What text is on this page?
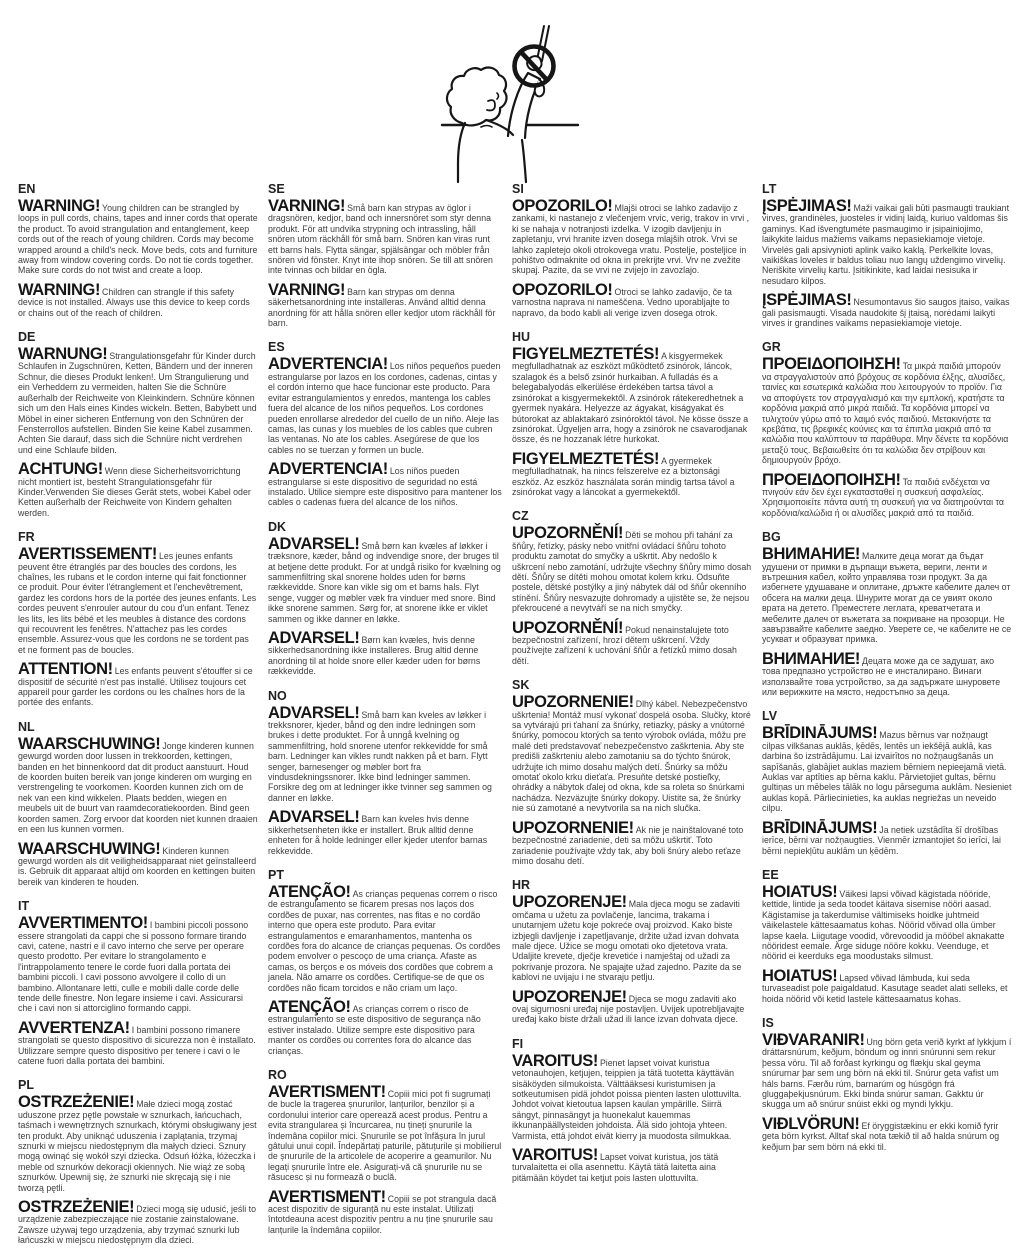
EN

WARNING! Young children can be strangled by loops in pull cords, chains, tapes and inner cords that operate the product. To avoid strangulation and entanglement, keep cords out of the reach of young children. Cords may become wrapped around a child's neck. Move beds, cots and furniture away from window covering cords. Do not tie cords together. Make sure cords do not twist and create a loop.

WARNING! Children can strangle if this safety device is not installed. Always use this device to keep cords or chains out of the reach of children.

DE

WARNUNG! Strangulationsgefahr für Kinder durch Schlaufen in Zugschnüren, Ketten, Bändern und der inneren Schnur, die dieses Produkt lenken!. Um Strangulierung und ein Verheddern zu vermeiden, halten Sie die Schnüre außerhalb der Reichweite von Kleinkindern. Schnüre können sich um den Hals eines Kindes wickeln. Betten, Babybett und Möbel in einer sicheren Entfernung von den Schnüren der Fensterrollos aufstellen. Binden Sie keine Kabel zusammen. Achten Sie darauf, dass sich die Schnüre nicht verdrehen und eine Schlaufe bilden.

ACHTUNG! Wenn diese Sicherheitsvorrichtung nicht montiert ist, besteht Strangulationsgefahr für Kinder.Verwenden Sie dieses Gerät stets, wobei Kabel oder Ketten außerhalb der Reichweite von Kindern gehalten werden.

FR

AVERTISSEMENT! Les jeunes enfants peuvent être étranglés par des boucles des cordons, les chaînes, les rubans et le cordon interne qui fait fonctionner ce produit. Pour éviter l'étranglement et l'enchevêtrement, gardez les cordons hors de la portée des jeunes enfants. Les cordes peuvent s'enrouler autour du cou d'un enfant. Tenez les lits, les lits bébé et les meubles à distance des cordons qui recouvrent les fenêtres. N'attachez pas les cordes ensemble. Assurez-vous que les cordons ne se tordent pas et ne forment pas de boucles.

ATTENTION! Les enfants peuvent s'étouffer si ce dispositif de sécurité n'est pas installé. Utilisez toujours cet appareil pour garder les cordons ou les chaînes hors de la portée des enfants.

NL

WAARSCHUWING! Jonge kinderen kunnen gewurgd worden door lussen in trekkoorden, kettingen, banden en het binnenkoord dat dit product aanstuurt. Houd de koorden buiten bereik van jonge kinderen om wurging en verstrengeling te voorkomen. Koorden kunnen zich om de nek van een kind wikkelen. Plaats bedden, wiegen en meubels uit de buurt van raamdecoratiekoorden. Bind geen koorden samen. Zorg ervoor dat koorden niet kunnen draaien en een lus kunnen vormen.

WAARSCHUWING! Kinderen kunnen gewurgd worden als dit veiligheidsapparaat niet geïnstalleerd is. Gebruik dit apparaat altijd om koorden en kettingen buiten bereik van kinderen te houden.

IT

AVVERTIMENTO! I bambini piccoli possono essere strangolati da cappi che si possono formare tirando cavi, catene, nastri e il cavo interno che serve per operare questo prodotto. Per evitare lo strangolamento e l'intrappolamento tenere le corde fuori dalla portata dei bambini piccoli. I cavi possono avvolgere il collo di un bambino. Allontanare letti, culle e mobili dalle corde delle tende delle finestre. Non legare insieme i cavi. Assicurarsi che i cavi non si attorciglino formando cappi.

AVVERTENZA! I bambini possono rimanere strangolati se questo dispositivo di sicurezza non è installato. Utilizzare sempre questo dispositivo per tenere i cavi o le catene fuori dalla portata dei bambini.

PL

OSTRZEŻENIE! Małe dzieci mogą zostać uduszone przez pętle powstałe w sznurkach, łańcuchach, taśmach i wewnętrznych sznurkach, którymi obsługiwany jest ten produkt. Aby uniknąć uduszenia i zaplątania, trzymaj sznurki w miejscu niedostępnym dla małych dzieci. Sznury mogą owinąć się wokół szyi dziecka. Odsuń łóżka, łóżeczka i meble od sznurków dekoracji okiennych. Nie wiąż ze sobą sznurków. Upewnij się, że sznurki nie skręcają się i nie tworzą pętli.

OSTRZEŻENIE! Dzieci mogą się udusić, jeśli to urządzenie zabezpieczające nie zostanie zainstalowane. Zawsze używaj tego urządzenia, aby trzymać sznurki lub łańcuszki w miejscu niedostępnym dla dzieci.

SE

VARNING! Små barn kan strypas av öglor i dragsnören, kedjor, band och innersnöret som styr denna produkt. För att undvika strypning och intrassling, håll snören utom räckhåll för små barn. Snören kan viras runt ett barns hals. Flytta sängar, spjälsängar och möbler från snören vid fönster. Knyt inte ihop snören. Se till att snören inte tvinnas och bildar en ögla.

VARNING! Barn kan strypas om denna säkerhetsanordning inte installeras. Använd alltid denna anordning för att hålla snören eller kedjor utom räckhåll för barn.

ES

ADVERTENCIA! Los niños pequeños pueden estrangularse por lazos en los cordones, cadenas, cintas y el cordón interno que hace funcionar este producto. Para evitar estrangulamientos y enredos, mantenga los cables fuera del alcance de los niños pequeños. Los cordones pueden enrollarse alrededor del cuello de un niño. Aleje las camas, las cunas y los muebles de los cables que cubren las ventanas. No ate los cables. Asegúrese de que los cables no se tuerzan y formen un bucle.

ADVERTENCIA! Los niños pueden estrangularse si este dispositivo de seguridad no está instalado. Utilice siempre este dispositivo para mantener los cables o cadenas fuera del alcance de los niños.

DK

ADVARSEL! Små børn kan kvæles af løkker i træksnore, kæder, bånd og indvendige snore, der bruges til at betjene dette produkt. For at undgå risiko for kvælning og sammenfiltring skal snorene holdes uden for børns rækkevidde. Snore kan vikle sig om et barns hals. Flyt senge, vugger og møbler væk fra vinduer med snore. Bind ikke snorene sammen. Sørg for, at snorene ikke er viklet sammen og ikke danner en løkke.

ADVARSEL! Børn kan kvæles, hvis denne sikkerhedsanordning ikke installeres. Brug altid denne anordning til at holde snore eller kæder uden for børns rækkevidde.

NO

ADVARSEL! Små barn kan kveles av løkker i trekksnorer, kjeder, bånd og den indre ledningen som brukes i dette produktet. For å unngå kvelning og sammenfiltring, hold snorene utenfor rekkevidde for små barn. Ledninger kan vikles rundt nakken på et barn. Flytt senger, barnesenger og møbler bort fra vindusdekningssnorer. Ikke bind ledninger sammen. Forsikre deg om at ledninger ikke tvinner seg sammen og danner en løkke.

ADVARSEL! Barn kan kveles hvis denne sikkerhetsenheten ikke er installert. Bruk alltid denne enheten for å holde ledninger eller kjeder utenfor barnas rekkevidde.

PT

ATENÇÃO! As crianças pequenas correm o risco de estrangulamento se ficarem presas nos laços dos cordões de puxar, nas correntes, nas fitas e no cordão interno que opera este produto. Para evitar estrangulamentos e emaranhamentos, mantenha os cordões fora do alcance de crianças pequenas. Os cordões podem envolver o pescoço de uma criança. Afaste as camas, os berços e os móveis dos cordões que cobrem a janela. Não amarre os cordões. Certifique-se de que os cordões não ficam torcidos e não criam um laço.

ATENÇÃO! As crianças correm o risco de estrangulamento se este dispositivo de segurança não estiver instalado. Utilize sempre este dispositivo para manter os cordões ou correntes fora do alcance das crianças.

RO

AVERTISMENT! Copiii mici pot fi sugrumați de bucle la tragerea șnururilor, lanțurilor, benzilor și a cordonului interior care operează acest produs. Pentru a evita strangularea și încurcarea, nu țineți șnururile la îndemâna copiilor mici. Șnururile se pot înfășura în jurul gâtului unui copil. Îndepărtați paturile, pătuțurile și mobilierul de șnururile de la articolele de acoperire a geamurilor. Nu legați șnururile între ele. Asigurați-vă că șnururile nu se răsucesc și nu formează o buclă.

AVERTISMENT! Copiii se pot strangula dacă acest dispozitiv de siguranță nu este instalat. Utilizați întotdeauna acest dispozitiv pentru a nu ține șnururile sau lanțurile la îndemâna copiilor.

SI

OPOZORILO! Mlajši otroci se lahko zadavijo z zankami, ki nastanejo z vlečenjem vrvic, verig, trakov in vrvi , ki se nahaja v notranjosti izdelka. V izogib davljenju in zapletanju, vrvi hranite izven dosega mlajših otrok. Vrvi se lahko zapletejo okoli otrokovega vratu. Postelje, posteljice in pohištvo odmaknite od okna in prekrijte vrvi. Vrv ne zvežite skupaj. Pazite, da se vrvi ne zvijejo in zavozlajo.

OPOZORILO! Otroci se lahko zadavijo, če ta varnostna naprava ni nameščena. Vedno uporabljajte to napravo, da bodo kabli ali verige izven dosega otrok.

HU

FIGYELMEZTETÉS! A kisgyermekek megfulladhatnak az eszközt működtető zsinórok, láncok, szalagok és a belső zsinór hurkaiban. A fulladás és a belegabalyodás elkerülése érdekében tartsa távol a zsinórokat a kisgyermekektől. A zsinórok rátekeredhetnek a gyermek nyakára. Helyezze az ágyakat, kiságyakat és bútorokat az ablaktakaró zsinóroktól távol. Ne kösse össze a zsinórokat. Ügyeljen arra, hogy a zsinórok ne csavarodjanak össze, és ne hozzanak létre hurkokat.

FIGYELMEZTETÉS! A gyermekek megfulladhatnak, ha nincs felszerelve ez a biztonsági eszköz. Az eszköz használata során mindig tartsa távol a zsinórokat vagy a láncokat a gyermekektől.

CZ

UPOZORNĚNÍ! Děti se mohou při tahání za šňůry, řetízky, pásky nebo vnitřní ovládací šňůru tohoto produktu zamotat do smyčky a uškrtit. Aby nedošlo k uškrcení nebo zamotání, udržujte všechny šňůry mimo dosah dětí. Šňůry se dítěti mohou omotat kolem krku. Odsuňte postele, dětské postýlky a jiný nábytek dál od šňůr okenního stínění. Šňůry nesvazujte dohromady a ujistěte se, že nejsou překroucené a nevytváří se na nich smyčky.

UPOZORNĚNÍ! Pokud nenainstalujete toto bezpečnostní zařízení, hrozí dětem uškrcení. Vždy používejte zařízení k uchování šňůr a řetízků mimo dosah dětí.

SK

UPOZORNENIE! Dlhý kábel. Nebezpečenstvo uškrtenia! Montáž musí vykonať dospelá osoba. Slučky, ktoré sa vytvárajú pri ťahaní za šnúrky, retiazky, pásky a vnútorné šnúrky, pomocou ktorých sa tento výrobok ovláda, môžu pre malé deti predstavovať nebezpečenstvo zaškrtenia. Aby ste predišli zaškrteniu alebo zamotaniu sa do týchto šnúrok, udržujte ich mimo dosahu malých detí. Šnúrky sa môžu omotať okolo krku dieťaťa. Presuňte detské postieľky, ohrádky a nábytok ďalej od okna, kde sa roleta so šnúrkami nachádza. Nezväzujte šnúrky dokopy. Uistite sa, že šnúrky nie sú zamotané a nevytvorila sa na nich slučka.

UPOZORNENIE! Ak nie je nainštalované toto bezpečnostné zariadenie, deti sa môžu uškrtiť. Toto zariadenie používajte vždy tak, aby boli šnúry alebo reťaze mimo dosahu detí.

HR

UPOZORENJE! Mala djeca mogu se zadaviti omčama u užetu za povlačenje, lancima, trakama i unutarnjem užetu koje pokreće ovaj proizvod. Kako biste izbjegli davljenje i zapetljavanje, držite užad izvan dohvata male djece. Užice se mogu omotati oko djetetova vrata. Udaljite krevete, dječje krevetiće i namještaj od užadi za pokrivanje prozora. Ne spajajte užad zajedno. Pazite da se kablovi ne uvijaju i ne stvaraju petlju.

UPOZORENJE! Djeca se mogu zadaviti ako ovaj sigurnosni uređaj nije postavljen. Uvijek upotrebljavajte uređaj kako biste držali užad ili lance izvan dohvata djece.

FI

VAROITUS! Pienet lapset voivat kuristua vetonauhojen, ketjujen, teippien ja tätä tuotetta käyttävän sisäköyden silmukoista. Välttääksesi kuristumisen ja sotkeutumisen pidä johdot poissa pienten lasten ulottuvilta. Johdot voivat kietoutua lapsen kaulan ympärille. Siirrä sängyt, pinnasängyt ja huonekalut kauemmas ikkunanpäällysteiden johdoista. Älä sido johtoja yhteen. Varmista, että johdot eivät kierry ja muodosta silmukkaa.

VAROITUS! Lapset voivat kuristua, jos tätä turvalaitetta ei olla asennettu. Käytä tätä laitetta aina pitämään köydet tai ketjut pois lasten ulottuvilta.

LT

ĮSPĖJIMAS! Maži vaikai gali būti pasmaugti traukiant virves, grandinėles, juosteles ir vidinį laidą, kuriuo valdomas šis gaminys. Kad išvengtumėte pasmaugimo ir įsipainiojimo, laikykite laidus mažiems vaikams nepasiekiamoje vietoje. Virvelės gali apsivynioti aplink vaiko kaklą. Perkelkite lovas, vaikiškas loveles ir baldus toliau nuo langų uždengimo virvelių. Neriškite virvelių kartu. Įsitikinkite, kad laidai nesisuka ir nesudaro kilpos.

ĮSPĖJIMAS! Nesumontavus šio saugos įtaiso, vaikas gali pasismaugti. Visada naudokite šį įtaisą, norėdami laikyti virves ir grandines vaikams nepasiekiamoje vietoje.

GR

ΠΡΟΕΙΔΟΠΟΙΗΣΗ! Τα μικρά παιδιά μπορούν να στραγγαλιστούν από βρόχους σε κορδόνια έλξης, αλυσίδες, ταινίες και εσωτερικά καλώδια που λειτουργούν το προϊόν. Για να αποφύγετε τον στραγγαλισμό και την εμπλοκή, κρατήστε τα κορδόνια μακριά από μικρά παιδιά. Τα κορδόνια μπορεί να τυλιχτούν γύρω από το λαιμό ενός παιδιού. Μετακινήστε τα κρεβάτια, τις βρεφικές κούνιες και τα έπιπλα μακριά από τα καλώδια που καλύπτουν τα παράθυρα. Μην δένετε τα κορδόνια μεταξύ τους. Βεβαιωθείτε ότι τα καλώδια δεν στρίβουν και δημιουργούν βρόχο.

ΠΡΟΕΙΔΟΠΟΙΗΣΗ! Τα παιδιά ενδέχεται να πνιγούν εάν δεν έχει εγκατασταθεί η συσκευή ασφαλείας. Χρησιμοποιείτε πάντα αυτή τη συσκευή για να διατηρούνται τα κορδόνια/καλώδια ή οι αλυσίδες μακριά από τα παιδιά.

BG

ВНИМАНИЕ! Малките деца могат да бъдат удушени от примки в дърпащи въжета, вериги, ленти и вътрешния кабел, който управлява този продукт. За да избегнете удушаване и оплитане, дръжте кабелите далеч от обсега на малки деца. Шнурите могат да се увият около врата на детето. Преместете леглата, креватчетата и мебелите далеч от въжетата за покриване на прозорци. Не завързвайте кабелите заедно. Уверете се, че кабелите не се усукват и образуват примка.

ВНИМАНИЕ! Децата може да се задушат, ако това предпазно устройство не е инсталирано. Винаги използвайте това устройство, за да задържате шнуровете или верижките на място, недостъпно за деца.

LV

BRĪDINĀJUMS! Mazus bērnus var nožņaugt cilpas vilkšanas auklās, ķēdēs, lentēs un iekšējā auklā, kas darbina šo izstrādājumu. Lai izvairītos no nožņaugšanās un sapīšanās, glabājiet auklas maziem bērniem nepieejamā vietā. Auklas var aptīties ap bērna kaklu. Pārvietojiet gultas, bērnu gultiņas un mēbeles tālāk no logu pārseguma auklām. Nesieniet auklas kopā. Pārliecinieties, ka auklas negriežas un neveido cilpu.

BRĪDINĀJUMS! Ja netiek uzstādīta šī drošības ierīce, bērni var nožņaugties. Vienmēr izmantojiet šo ierīci, lai bērni nepiekļūtu auklām un ķēdēm.

EE

HOIATUS! Väikesi lapsi võivad kägistada nööride, kettide, lintide ja seda toodet käitava sisemise nööri aasad. Kägistamise ja takerdumise vältimiseks hoidke juhtmeid väikelastele kättesaamatus kohas. Nöörid võivad olla ümber lapse kaela. Liigutage voodid, võrevoodid ja mööbel aknakatte nööridest eemale. Ärge siduge nööre kokku. Veenduge, et nöörid ei keerduks ega moodustaks silmust.

HOIATUS! Lapsed võivad lämbuda, kui seda turvaseadist pole paigaldatud. Kasutage seadet alati selleks, et hoida nöörid või ketid lastele kättesaamatus kohas.

IS

VIÐVARANIR! Ung börn geta verið kyrkt af lykkjum í dráttarsnúrum, keðjum, böndum og innri snúrunni sem rekur þessa vöru. Til að forðast kyrkingu og flækju skal geyma snúrurnar þar sem ung börn ná ekki til. Snúrur geta vafist um háls barns. Færðu rúm, barnarúm og húsgögn frá gluggaþekjusnúrum. Ekki binda snúrur saman. Gakktu úr skugga um að snúrur snúist ekki og myndi lykkju.

VIÐLVÖRUN! Ef öryggistækinu er ekki komið fyrir geta börn kyrkst. Alltaf skal nota tækið til að halda snúrum og keðjum þar sem börn ná ekki til.
